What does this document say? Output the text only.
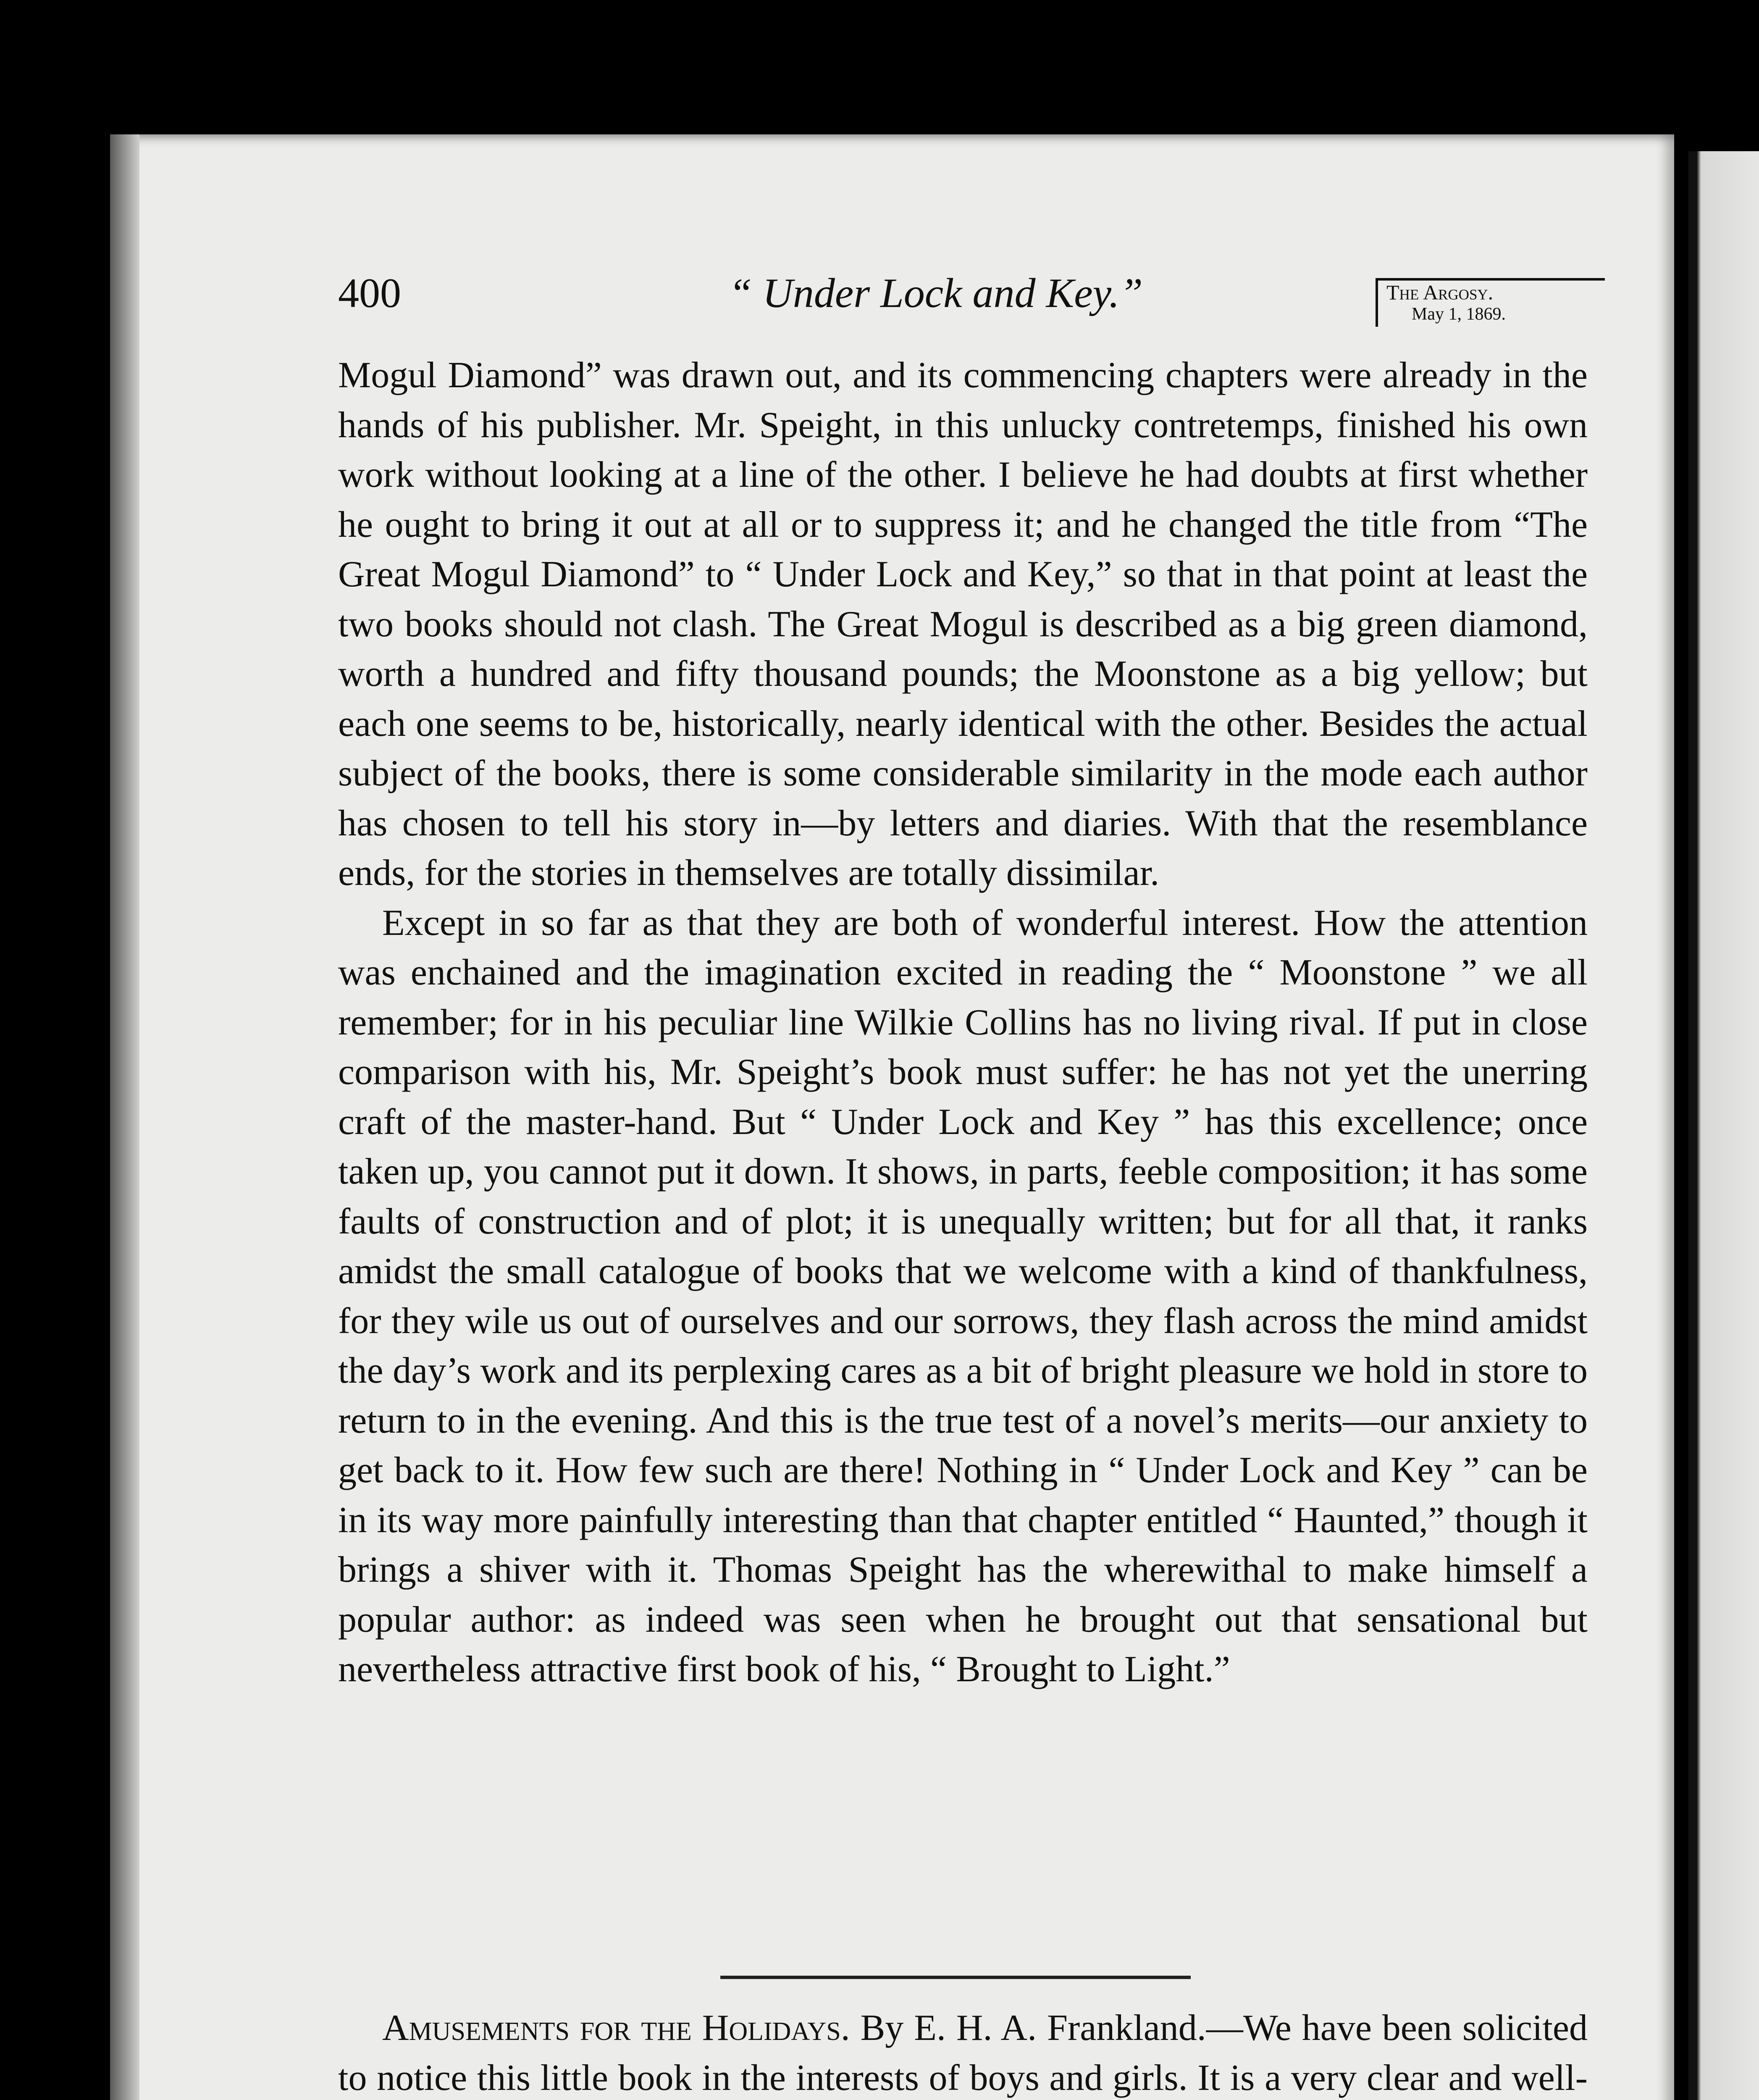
400	“ Under Lock and Key.”	The Argosy.
May 1, 1869.

Mogul Diamond” was drawn out, and its commencing chapters were already in the hands of his publisher. Mr. Speight, in this unlucky contretemps, finished his own work without looking at a line of the other. I believe he had doubts at first whether he ought to bring it out at all or to suppress it; and he changed the title from “The Great Mogul Diamond” to “ Under Lock and Key,” so that in that point at least the two books should not clash. The Great Mogul is described as a big green diamond, worth a hundred and fifty thousand pounds; the Moonstone as a big yellow; but each one seems to be, historically, nearly identical with the other. Besides the actual subject of the books, there is some considerable similarity in the mode each author has chosen to tell his story in—by letters and diaries. With that the resemblance ends, for the stories in themselves are totally dissimilar.

Except in so far as that they are both of wonderful interest. How the attention was enchained and the imagination excited in reading the “ Moonstone ” we all remember; for in his peculiar line Wilkie Collins has no living rival. If put in close comparison with his, Mr. Speight’s book must suffer: he has not yet the unerring craft of the master-hand. But “ Under Lock and Key ” has this excellence; once taken up, you cannot put it down. It shows, in parts, feeble composition; it has some faults of construction and of plot; it is unequally written; but for all that, it ranks amidst the small catalogue of books that we welcome with a kind of thankfulness, for they wile us out of ourselves and our sorrows, they flash across the mind amidst the day’s work and its perplexing cares as a bit of bright pleasure we hold in store to return to in the evening. And this is the true test of a novel’s merits—our anxiety to get back to it. How few such are there! Nothing in “ Under Lock and Key ” can be in its way more painfully interesting than that chapter entitled “ Haunted,” though it brings a shiver with it. Thomas Speight has the wherewithal to make himself a popular author: as indeed was seen when he brought out that sensational but nevertheless attractive first book of his, “ Brought to Light.”

Amusements for the Holidays. By E. H. A. Frankland.—We have been solicited to notice this little book in the interests of boys and girls. It is a very clear and well-
